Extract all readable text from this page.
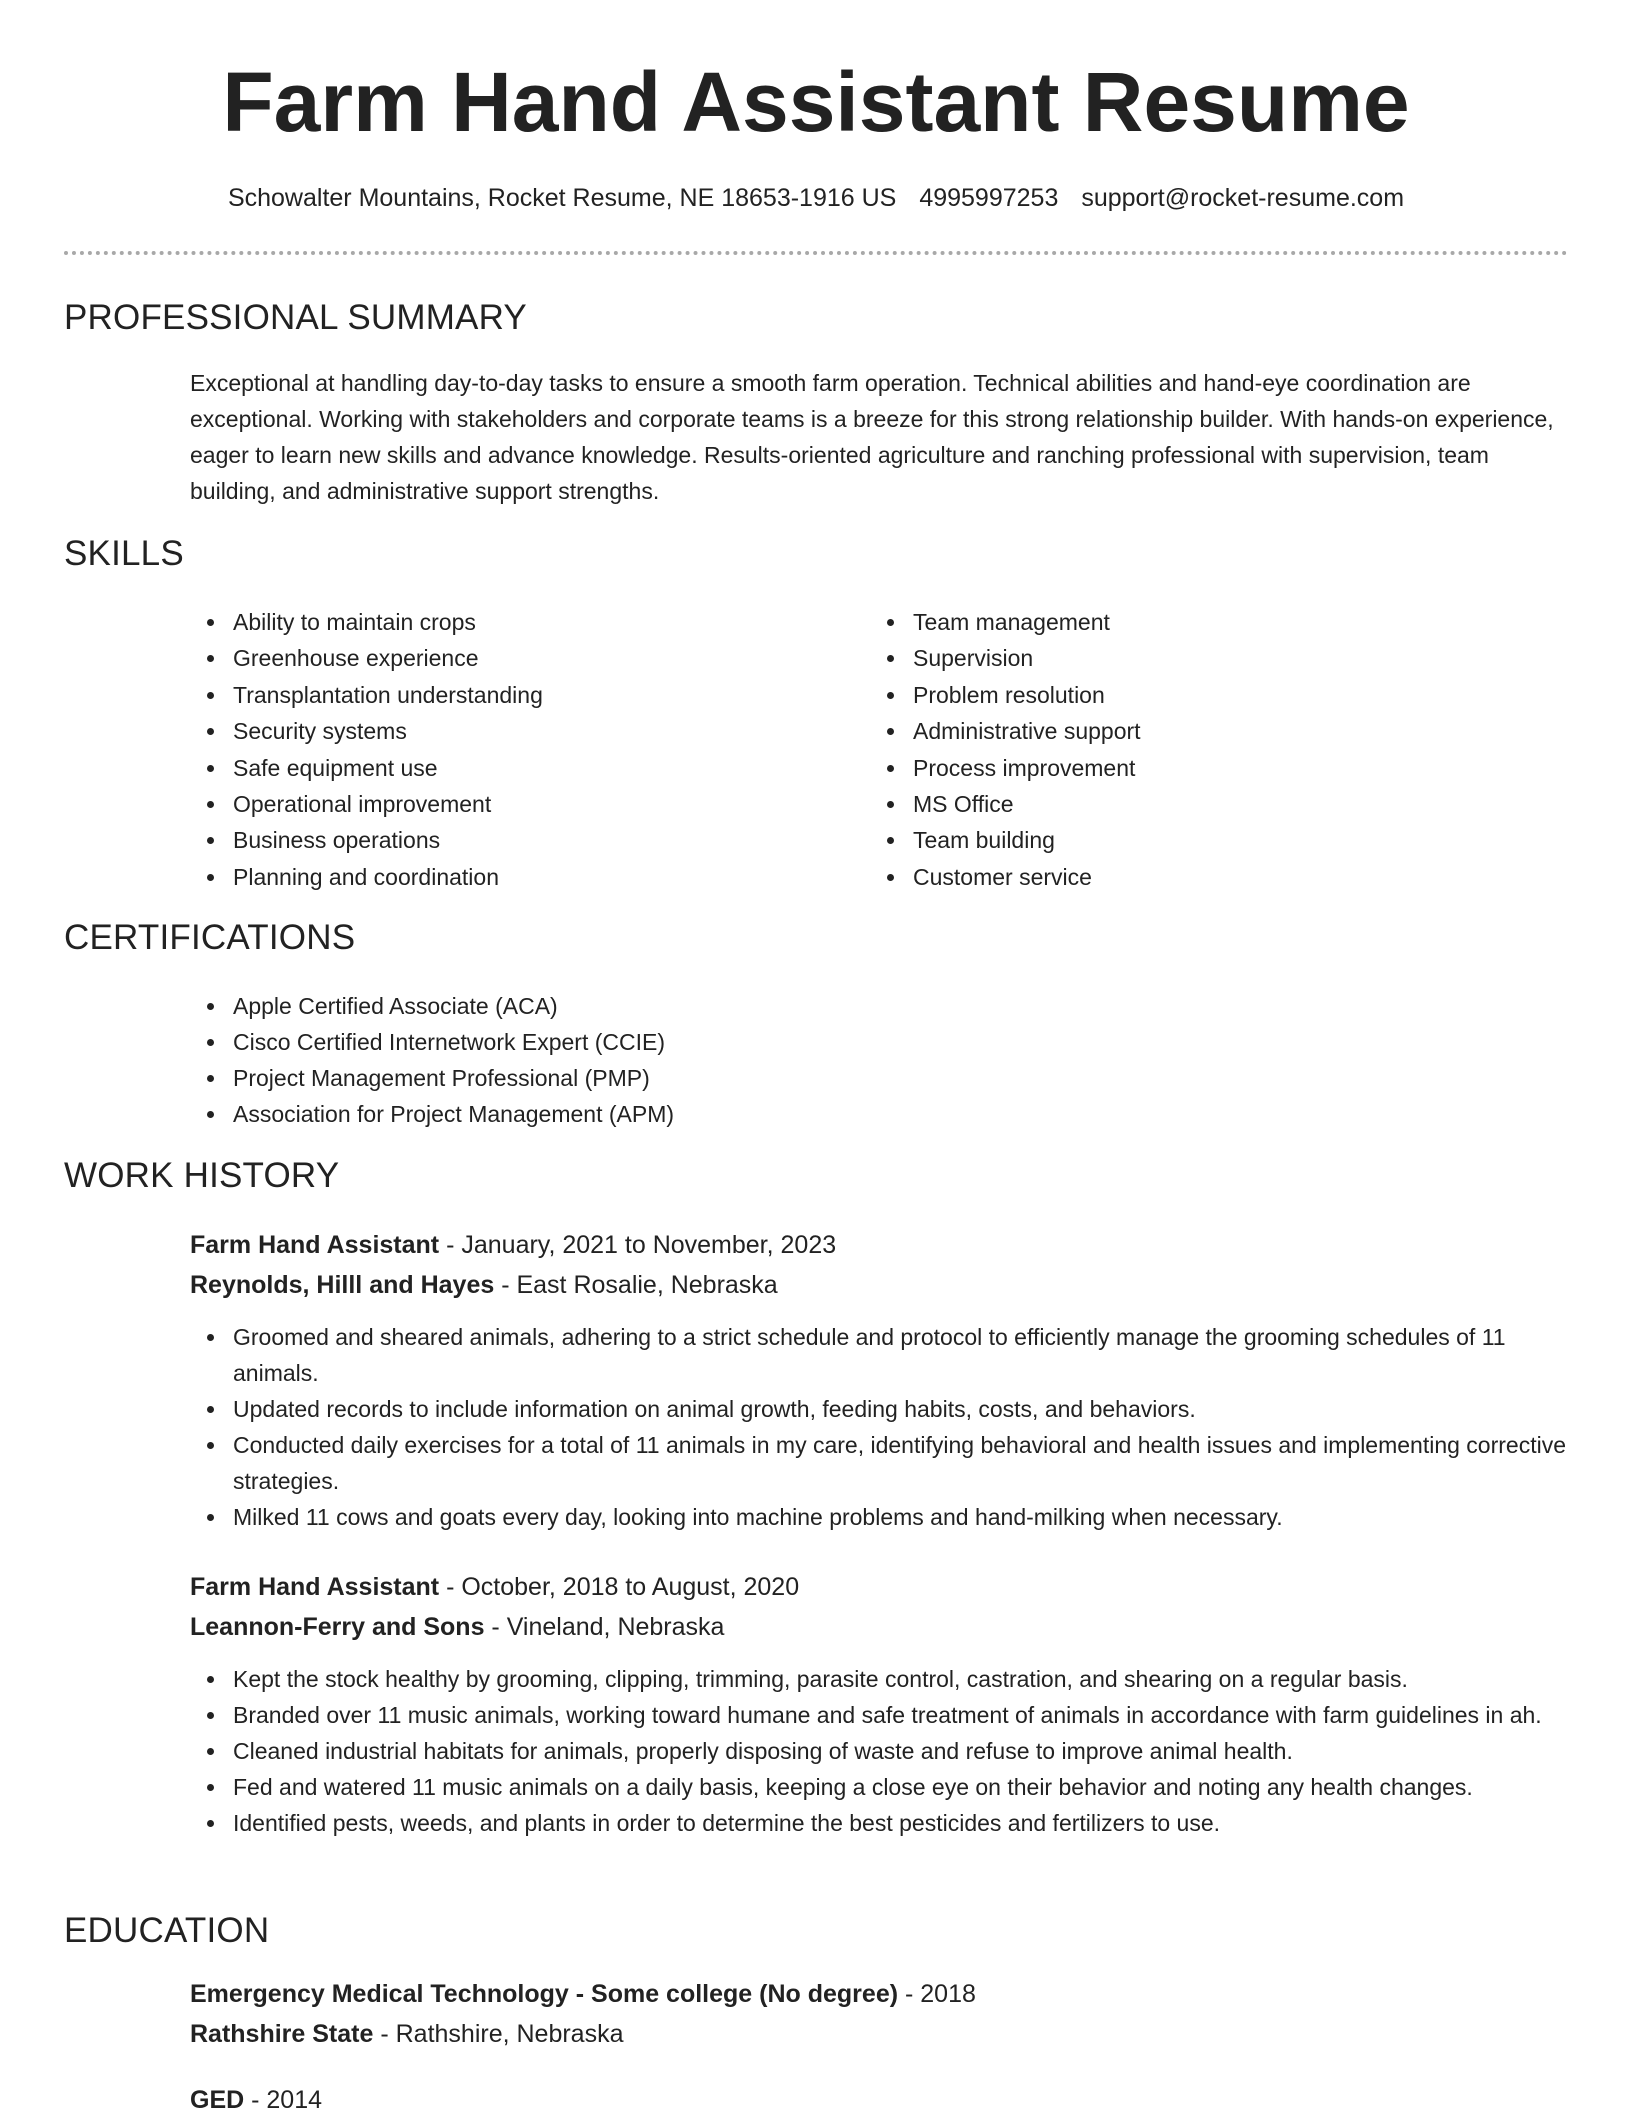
Farm Hand Assistant Resume
Schowalter Mountains, Rocket Resume, NE 18653-1916 US 4995997253 support@rocket-resume.com
PROFESSIONAL SUMMARY

Exceptional at handling day-to-day tasks to ensure a smooth farm operation. Technical abilities and hand-eye coordination are exceptional. Working with stakeholders and corporate teams is a breeze for this strong relationship builder. With hands-on experience, eager to learn new skills and advance knowledge. Results-oriented agriculture and ranching professional with supervision, team building, and administrative support strengths.

SKILLS
Ability to maintain crops
Greenhouse experience
Transplantation understanding
Security systems
Safe equipment use
Operational improvement
Business operations
Planning and coordination
Team management
Supervision
Problem resolution
Administrative support
Process improvement
MS Office
Team building
Customer service
CERTIFICATIONS
Apple Certified Associate (ACA)
Cisco Certified Internetwork Expert (CCIE)
Project Management Professional (PMP)
Association for Project Management (APM)
WORK HISTORY
Farm Hand Assistant - January, 2021 to November, 2023
Reynolds, Hilll and Hayes - East Rosalie, Nebraska
Groomed and sheared animals, adhering to a strict schedule and protocol to efficiently manage the grooming schedules of 11 animals.
Updated records to include information on animal growth, feeding habits, costs, and behaviors.
Conducted daily exercises for a total of 11 animals in my care, identifying behavioral and health issues and implementing corrective strategies.
Milked 11 cows and goats every day, looking into machine problems and hand-milking when necessary.
Farm Hand Assistant - October, 2018 to August, 2020
Leannon-Ferry and Sons - Vineland, Nebraska
Kept the stock healthy by grooming, clipping, trimming, parasite control, castration, and shearing on a regular basis.
Branded over 11 music animals, working toward humane and safe treatment of animals in accordance with farm guidelines in ah.
Cleaned industrial habitats for animals, properly disposing of waste and refuse to improve animal health.
Fed and watered 11 music animals on a daily basis, keeping a close eye on their behavior and noting any health changes.
Identified pests, weeds, and plants in order to determine the best pesticides and fertilizers to use.
EDUCATION
Emergency Medical Technology - Some college (No degree) - 2018
Rathshire State - Rathshire, Nebraska
GED - 2014
